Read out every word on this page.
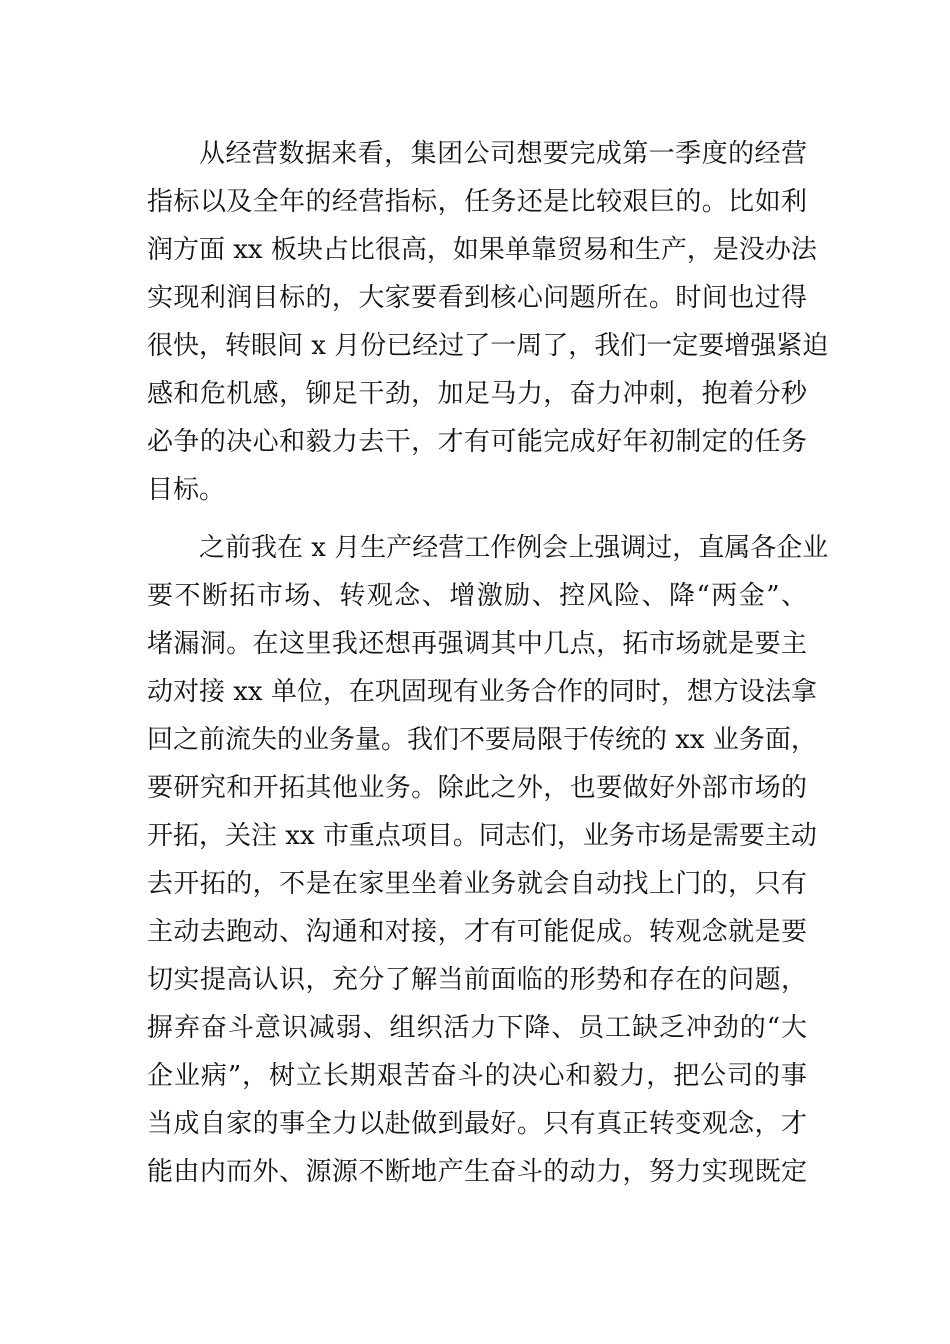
从经营数据来看，集团公司想要完成第一季度的经营
指标以及全年的经营指标，任务还是比较艰巨的。比如利
润方面 xx 板块占比很高，如果单靠贸易和生产，是没办法
实现利润目标的，大家要看到核心问题所在。时间也过得
很快，转眼间 x 月份已经过了一周了，我们一定要增强紧迫
感和危机感，铆足干劲，加足马力，奋力冲刺，抱着分秒
必争的决心和毅力去干，才有可能完成好年初制定的任务
目标。
之前我在 x 月生产经营工作例会上强调过，直属各企业
要不断拓市场、转观念、增激励、控风险、降“两金”、
堵漏洞。在这里我还想再强调其中几点，拓市场就是要主
动对接 xx 单位，在巩固现有业务合作的同时，想方设法拿
回之前流失的业务量。我们不要局限于传统的 xx 业务面，
要研究和开拓其他业务。除此之外，也要做好外部市场的
开拓，关注 xx 市重点项目。同志们，业务市场是需要主动
去开拓的，不是在家里坐着业务就会自动找上门的，只有
主动去跑动、沟通和对接，才有可能促成。转观念就是要
切实提高认识，充分了解当前面临的形势和存在的问题，
摒弃奋斗意识减弱、组织活力下降、员工缺乏冲劲的“大
企业病”，树立长期艰苦奋斗的决心和毅力，把公司的事
当成自家的事全力以赴做到最好。只有真正转变观念，才
能由内而外、源源不断地产生奋斗的动力，努力实现既定
